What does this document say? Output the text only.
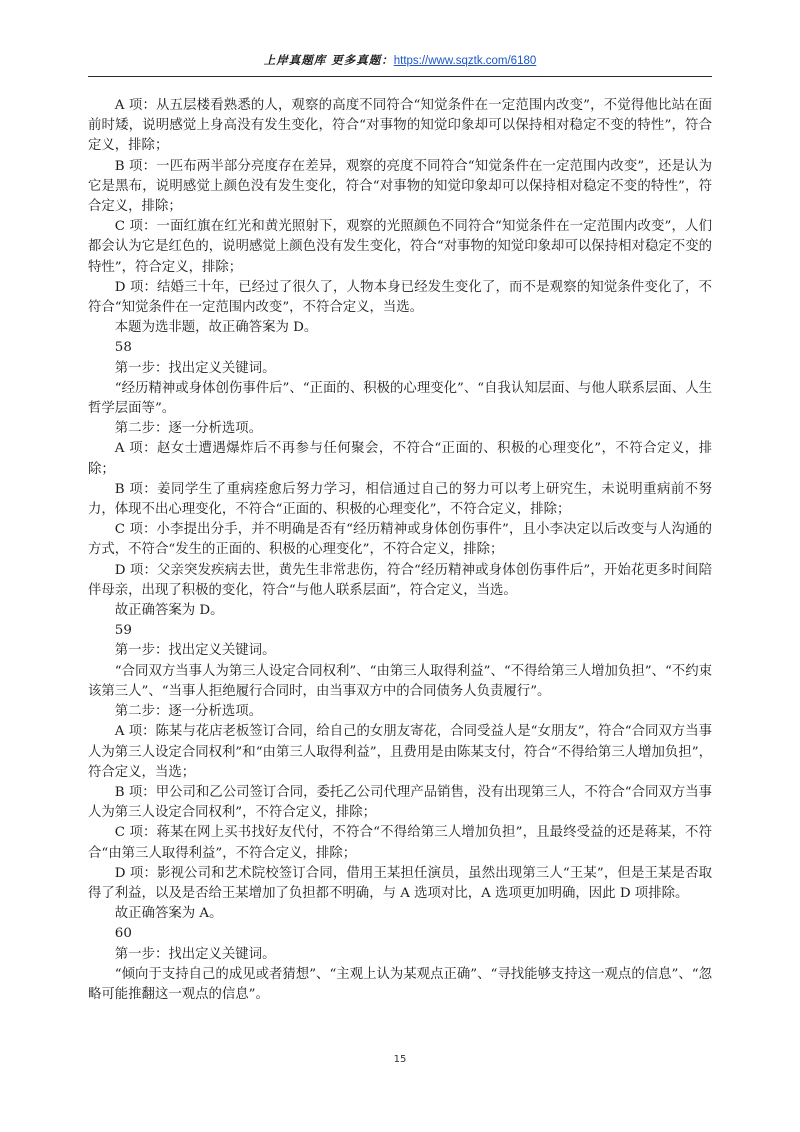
上岸真题库 更多真题：https://www.sqztk.com/6180

A 项：从五层楼看熟悉的人，观察的高度不同符合“知觉条件在一定范围内改变”，不觉得他比站在面前时矮，说明感觉上身高没有发生变化，符合“对事物的知觉印象却可以保持相对稳定不变的特性”，符合定义，排除；

B 项：一匹布两半部分亮度存在差异，观察的亮度不同符合“知觉条件在一定范围内改变”，还是认为它是黑布，说明感觉上颜色没有发生变化，符合“对事物的知觉印象却可以保持相对稳定不变的特性”，符合定义，排除；

C 项：一面红旗在红光和黄光照射下，观察的光照颜色不同符合“知觉条件在一定范围内改变”，人们都会认为它是红色的，说明感觉上颜色没有发生变化，符合“对事物的知觉印象却可以保持相对稳定不变的特性”，符合定义，排除；

D 项：结婚三十年，已经过了很久了，人物本身已经发生变化了，而不是观察的知觉条件变化了，不符合“知觉条件在一定范围内改变”，不符合定义，当选。

本题为选非题，故正确答案为 D。

58

第一步：找出定义关键词。

“经历精神或身体创伤事件后”、“正面的、积极的心理变化”、“自我认知层面、与他人联系层面、人生哲学层面等”。

第二步：逐一分析选项。

A 项：赵女士遭遇爆炸后不再参与任何聚会，不符合“正面的、积极的心理变化”，不符合定义，排除；

B 项：姜同学生了重病痊愈后努力学习，相信通过自己的努力可以考上研究生，未说明重病前不努力，体现不出心理变化，不符合“正面的、积极的心理变化”，不符合定义，排除；

C 项：小李提出分手，并不明确是否有“经历精神或身体创伤事件”，且小李决定以后改变与人沟通的方式，不符合“发生的正面的、积极的心理变化”，不符合定义，排除；

D 项：父亲突发疾病去世，黄先生非常悲伤，符合“经历精神或身体创伤事件后”，开始花更多时间陪伴母亲，出现了积极的变化，符合“与他人联系层面”，符合定义，当选。

故正确答案为 D。

59

第一步：找出定义关键词。

“合同双方当事人为第三人设定合同权利”、“由第三人取得利益”、“不得给第三人增加负担”、“不约束该第三人”、“当事人拒绝履行合同时，由当事双方中的合同债务人负责履行”。

第二步：逐一分析选项。

A 项：陈某与花店老板签订合同，给自己的女朋友寄花，合同受益人是“女朋友”，符合“合同双方当事人为第三人设定合同权利”和“由第三人取得利益”，且费用是由陈某支付，符合“不得给第三人增加负担”，符合定义，当选；

B 项：甲公司和乙公司签订合同，委托乙公司代理产品销售，没有出现第三人，不符合“合同双方当事人为第三人设定合同权利”，不符合定义，排除；

C 项：蒋某在网上买书找好友代付，不符合“不得给第三人增加负担”，且最终受益的还是蒋某，不符合“由第三人取得利益”，不符合定义，排除；

D 项：影视公司和艺术院校签订合同，借用王某担任演员，虽然出现第三人“王某”，但是王某是否取得了利益，以及是否给王某增加了负担都不明确，与 A 选项对比，A 选项更加明确，因此 D 项排除。

故正确答案为 A。

60

第一步：找出定义关键词。

“倾向于支持自己的成见或者猜想”、“主观上认为某观点正确”、“寻找能够支持这一观点的信息”、“忽略可能推翻这一观点的信息”。

15
